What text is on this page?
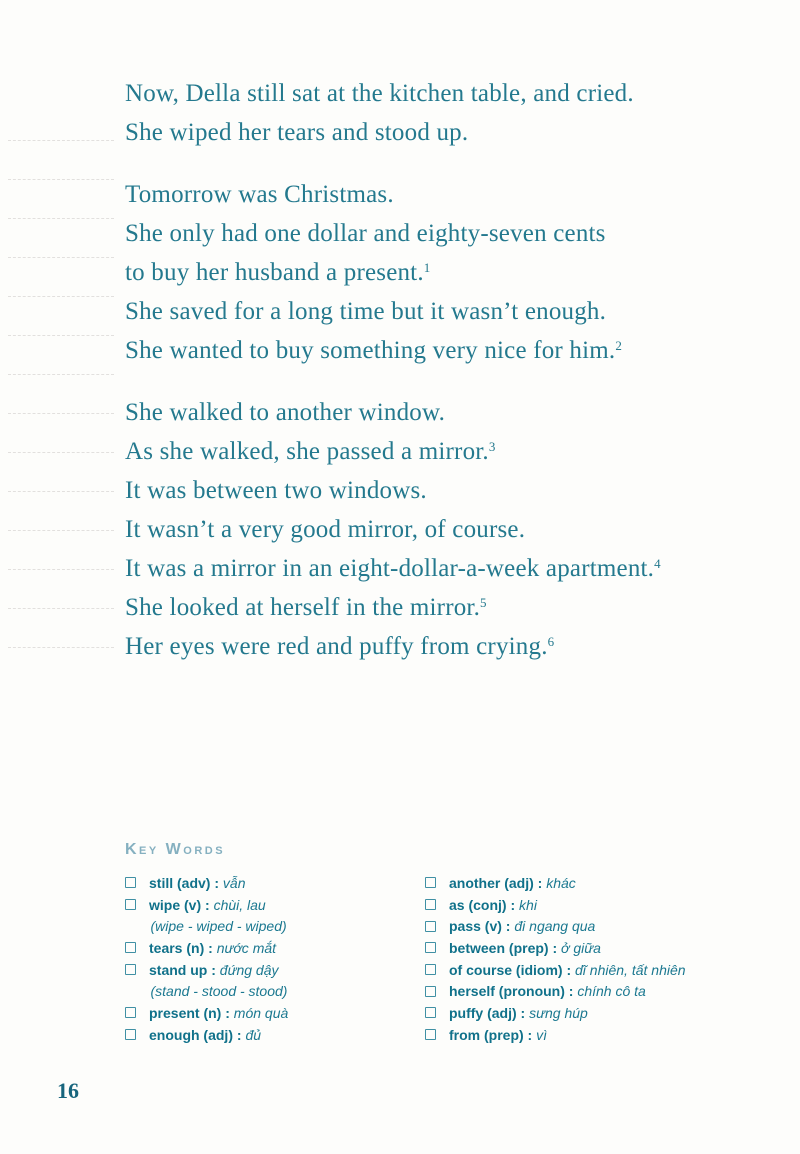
Now, Della still sat at the kitchen table, and cried.
She wiped her tears and stood up.
Tomorrow was Christmas.
She only had one dollar and eighty-seven cents
to buy her husband a present.$^1$
She saved for a long time but it wasn’t enough.
She wanted to buy something very nice for him.$^2$
She walked to another window.
As she walked, she passed a mirror.$^3$
It was between two windows.
It wasn’t a very good mirror, of course.
It was a mirror in an eight-dollar-a-week apartment.$^4$
She looked at herself in the mirror.$^5$
Her eyes were red and puffy from crying.$^6$
Key Words
still (adv) : vẫn
wipe (v) : chùi, lau
(wipe - wiped - wiped)
tears (n) : nước mắt
stand up : đứng dậy
(stand - stood - stood)
present (n) : món quà
enough (adj) : đủ
another (adj) : khác
as (conj) : khi
pass (v) : đi ngang qua
between (prep) : ở giữa
of course (idiom) : dĩ nhiên, tất nhiên
herself (pronoun) : chính cô ta
puffy (adj) : sưng húp
from (prep) : vì
16
